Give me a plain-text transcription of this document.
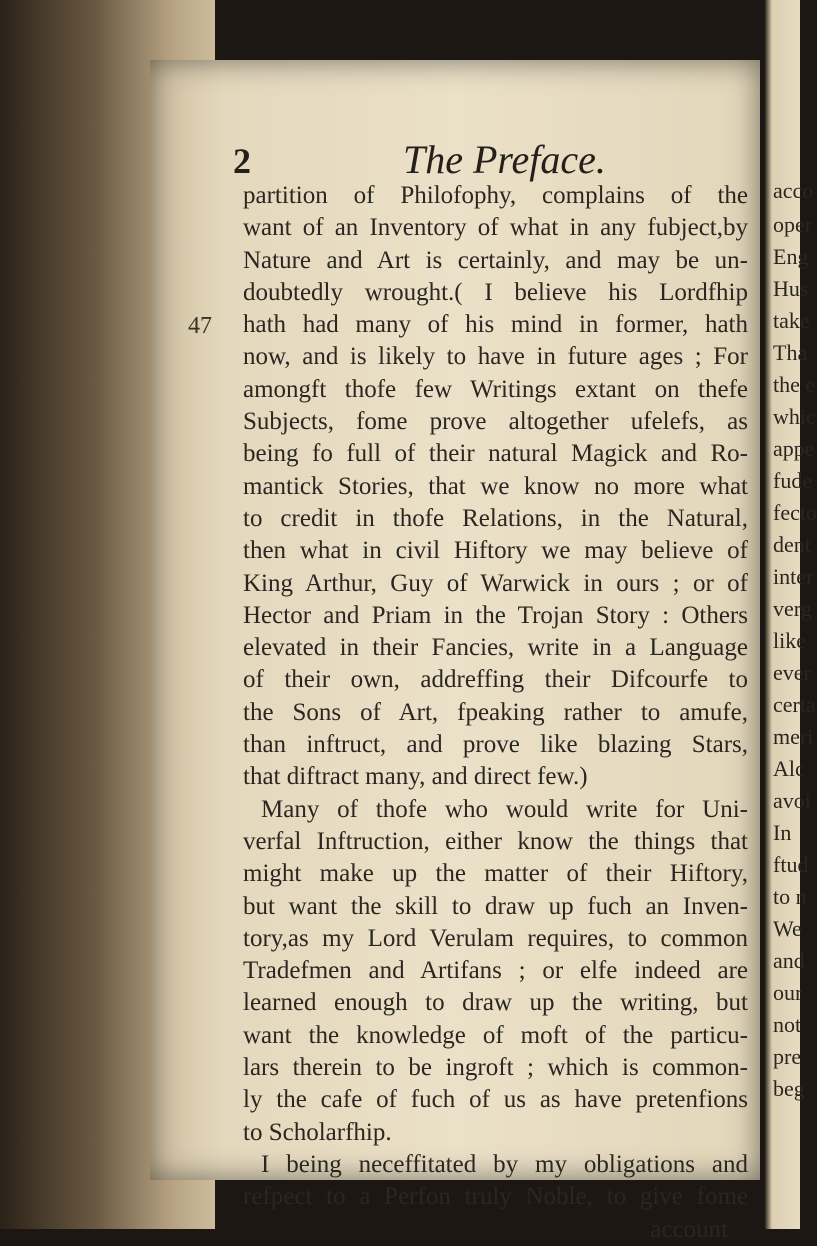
acco
oper
Eng
Hus
take
Tha
the e
whic
appe
fude
fecto
dent
inter
verg
like
ever
certa
meri
Alc
avoi
In
ftud
to n
We
and
our
not
pre
beg
2	The Preface.
47
partition of Philofophy, complains of the
want of an Inventory of what in any fubject,by
Nature and Art is certainly, and may be un-
doubtedly wrought.( I believe his Lordfhip
hath had many of his mind in former, hath
now, and is likely to have in future ages ; For
amongft thofe few Writings extant on thefe
Subjects, fome prove altogether ufelefs, as
being fo full of their natural Magick and Ro-
mantick Stories, that we know no more what
to credit in thofe Relations, in the Natural,
then what in civil Hiftory we may believe of
King Arthur, Guy of Warwick in ours ; or of
Hector and Priam in the Trojan Story : Others
elevated in their Fancies, write in a Language
of their own, addreffing their Difcourfe to
the Sons of Art, fpeaking rather to amufe,
than inftruct, and prove like blazing Stars,
that diftract many, and direct few.)
Many of thofe who would write for Uni-
verfal Inftruction, either know the things that
might make up the matter of their Hiftory,
but want the skill to draw up fuch an Inven-
tory,as my Lord Verulam requires, to common
Tradefmen and Artifans ; or elfe indeed are
learned enough to draw up the writing, but
want the knowledge of moft of the particu-
lars therein to be ingroft ; which is common-
ly the cafe of fuch of us as have pretenfions
to Scholarfhip.
I being neceffitated by my obligations and
refpect to a Perfon truly Noble, to give fome
account
